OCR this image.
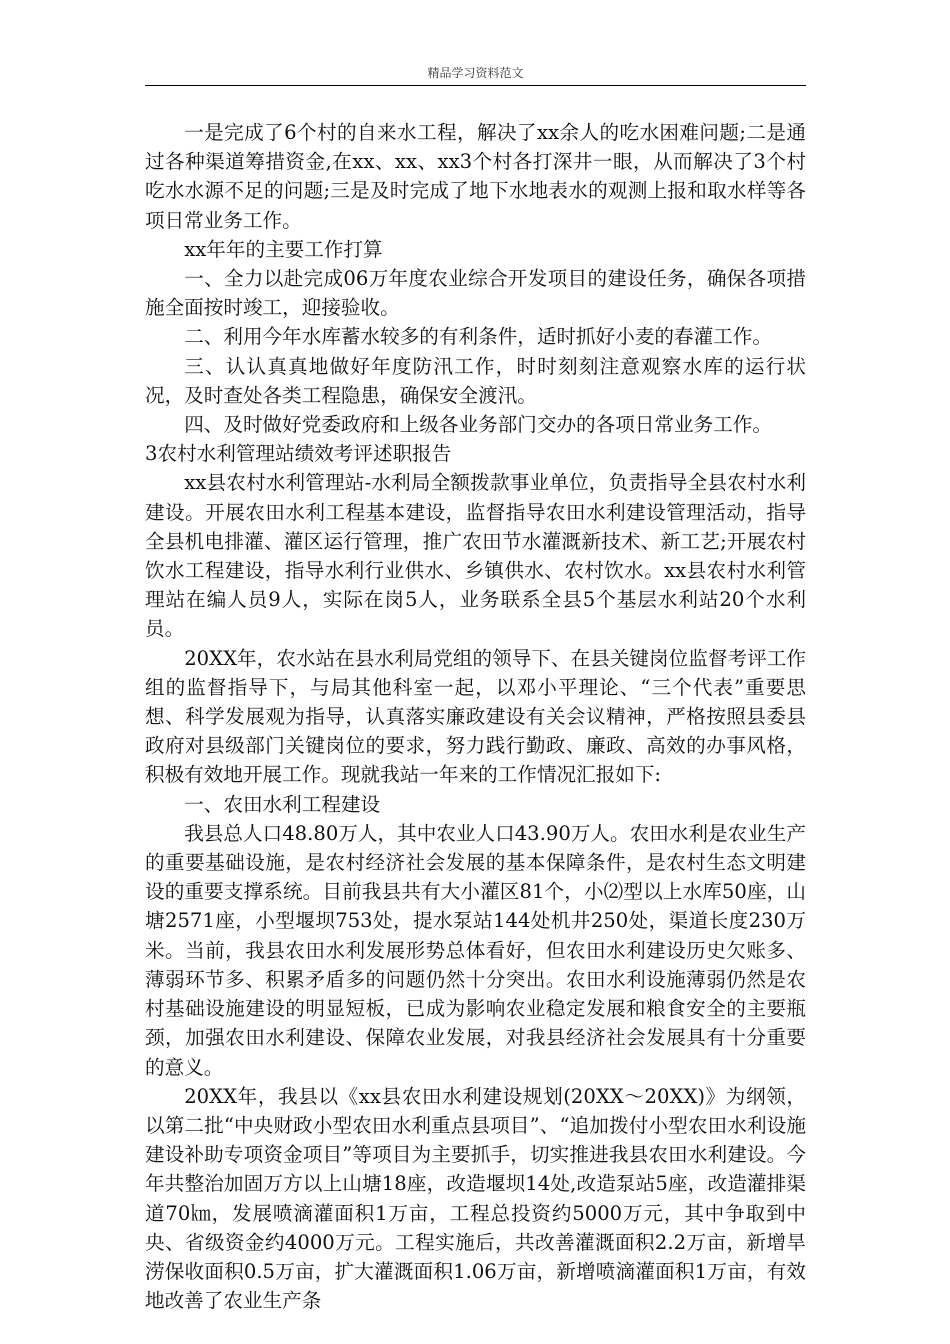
精品学习资料范文

一是完成了6个村的自来水工程，解决了xx余人的吃水困难问题;二是通过各种渠道筹措资金,在xx、xx、xx3个村各打深井一眼，从而解决了3个村吃水水源不足的问题;三是及时完成了地下水地表水的观测上报和取水样等各项日常业务工作。

xx年年的主要工作打算

一、全力以赴完成06万年度农业综合开发项目的建设任务，确保各项措施全面按时竣工，迎接验收。

二、利用今年水库蓄水较多的有利条件，适时抓好小麦的春灌工作。

三、认认真真地做好年度防汛工作，时时刻刻注意观察水库的运行状况，及时查处各类工程隐患，确保安全渡汛。

四、及时做好党委政府和上级各业务部门交办的各项日常业务工作。

3农村水利管理站绩效考评述职报告

xx县农村水利管理站-水利局全额拨款事业单位，负责指导全县农村水利建设。开展农田水利工程基本建设，监督指导农田水利建设管理活动，指导全县机电排灌、灌区运行管理，推广农田节水灌溉新技术、新工艺;开展农村饮水工程建设，指导水利行业供水、乡镇供水、农村饮水。xx县农村水利管理站在编人员9人，实际在岗5人，业务联系全县5个基层水利站20个水利员。

20XX年，农水站在县水利局党组的领导下、在县关键岗位监督考评工作组的监督指导下，与局其他科室一起，以邓小平理论、“三个代表”重要思想、科学发展观为指导，认真落实廉政建设有关会议精神，严格按照县委县政府对县级部门关键岗位的要求，努力践行勤政、廉政、高效的办事风格，积极有效地开展工作。现就我站一年来的工作情况汇报如下:

一、农田水利工程建设

我县总人口48.80万人，其中农业人口43.90万人。农田水利是农业生产的重要基础设施，是农村经济社会发展的基本保障条件，是农村生态文明建设的重要支撑系统。目前我县共有大小灌区81个，小⑵型以上水库50座，山塘2571座，小型堰坝753处，提水泵站144处机井250处，渠道长度230万米。当前，我县农田水利发展形势总体看好，但农田水利建设历史欠账多、薄弱环节多、积累矛盾多的问题仍然十分突出。农田水利设施薄弱仍然是农村基础设施建设的明显短板，已成为影响农业稳定发展和粮食安全的主要瓶颈，加强农田水利建设、保障农业发展，对我县经济社会发展具有十分重要的意义。

20XX年，我县以《xx县农田水利建设规划(20XX～20XX)》为纲领，以第二批“中央财政小型农田水利重点县项目”、“追加拨付小型农田水利设施建设补助专项资金项目”等项目为主要抓手，切实推进我县农田水利建设。今年共整治加固万方以上山塘18座，改造堰坝14处,改造泵站5座，改造灌排渠道70㎞，发展喷滴灌面积1万亩，工程总投资约5000万元，其中争取到中央、省级资金约4000万元。工程实施后，共改善灌溉面积2.2万亩，新增旱涝保收面积0.5万亩，扩大灌溉面积1.06万亩，新增喷滴灌面积1万亩，有效地改善了农业生产条
